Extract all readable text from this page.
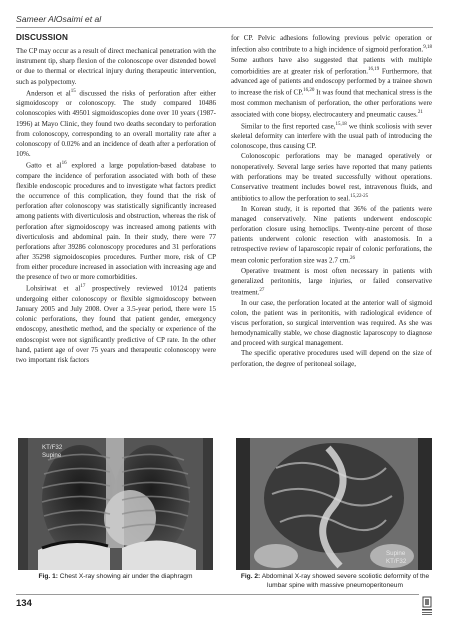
Sameer AlOsaimi et al
DISCUSSION

The CP may occur as a result of direct mechanical penetration with the instrument tip, sharp flexion of the colonoscope over distended bowel or due to thermal or electrical injury during therapeutic intervention, such as polypectomy.

Anderson et $al^{15}$ discussed the risks of perforation after either sigmoidoscopy or colonoscopy. The study compared 10486 colonoscopies with 49501 sigmoidoscopies done over 10 years (1987-1996) at Mayo Clinic, they found two deaths secondary to perforation from colonoscopy, corresponding to an overall mortality rate after a colonoscopy of 0.02% and an incidence of death after a perforation of 10%.

Gatto et $al^{16}$ explored a large population-based database to compare the incidence of perforation associated with both of these flexible endoscopic procedures and to investigate what factors predict the occurrence of this complication, they found that the risk of perforation after colonoscopy was statistically significantly increased among patients with diverticulosis and obstruction, whereas the risk of perforation after sigmoidoscopy was increased among patients with diverticulosis and abdominal pain. In their study, there were 77 perforations after 39286 colonoscopy procedures and 31 perforations after 35298 sigmoidoscopies procedures. Further more, risk of CP from either procedure increased in association with increasing age and the presence of two or more comorbidities.

Lohsiriwat et $al^{17}$ prospectively reviewed 10124 patients undergoing either colonoscopy or flexible sigmoidoscopy between January 2005 and July 2008. Over a 3.5-year period, there were 15 colonic perforations, they found that patient gender, emergency endoscopy, anesthetic method, and the specialty or experience of the endoscopist were not significantly predictive of CP rate. In the other hand, patient age of over 75 years and therapeutic colonoscopy were two important risk factors

for CP. Pelvic adhesions following previous pelvic operation or infection also contribute to a high incidence of sigmoid perforation.$^{9,18}$ Some authors have also suggested that patients with multiple comorbidities are at greater risk of perforation.$^{16,19}$ Furthermore, that advanced age of patients and endoscopy performed by a trainee shown to increase the risk of CP.$^{16,20}$ It was found that mechanical stress is the most common mechanism of perforation, the other perforations were associated with cone biopsy, electrocautery and pneumatic causes.$^{21}$

Similar to the first reported case,$^{15,18}$ we think scoliosis with sever skeletal deformity can interfere with the usual path of introducing the colonoscope, thus causing CP.

Colonoscopic perforations may be managed operatively or nonoperatively. Several large series have reported that many patients with perforations may be treated successfully without operations. Conservative treatment includes bowel rest, intravenous fluids, and antibiotics to allow the perforation to seal.$^{15,22-25}$

In Korean study, it is reported that 36% of the patients were managed conservatively. Nine patients underwent endoscopic perforation closure using hemoclips. Twenty-nine percent of those patients underwent colonic resection with anastomosis. In a retrospective review of laparoscopic repair of colonic perforations, the mean colonic perforation size was 2.7 cm.$^{26}$

Operative treatment is most often necessary in patients with generalized peritonitis, large injuries, or failed conservative treatment.$^{27}$

In our case, the perforation located at the anterior wall of sigmoid colon, the patient was in peritonitis, with radiological evidence of viscus perforation, so surgical intervention was required. As she was hemodynamically stable, we chose diagnostic laparoscopy to diagnose and proceed with surgical management.

The specific operative procedures used will depend on the size of perforation, the degree of peritoneal soilage,

KT/F32
Supine
Supine
KT/F32
Fig. 1: Chest X-ray showing air under the diaphragm	Fig. 2: Abdominal X-ray showed severe scoliotic deformity of the lumbar spine with massive pneumoperitoneum
134
